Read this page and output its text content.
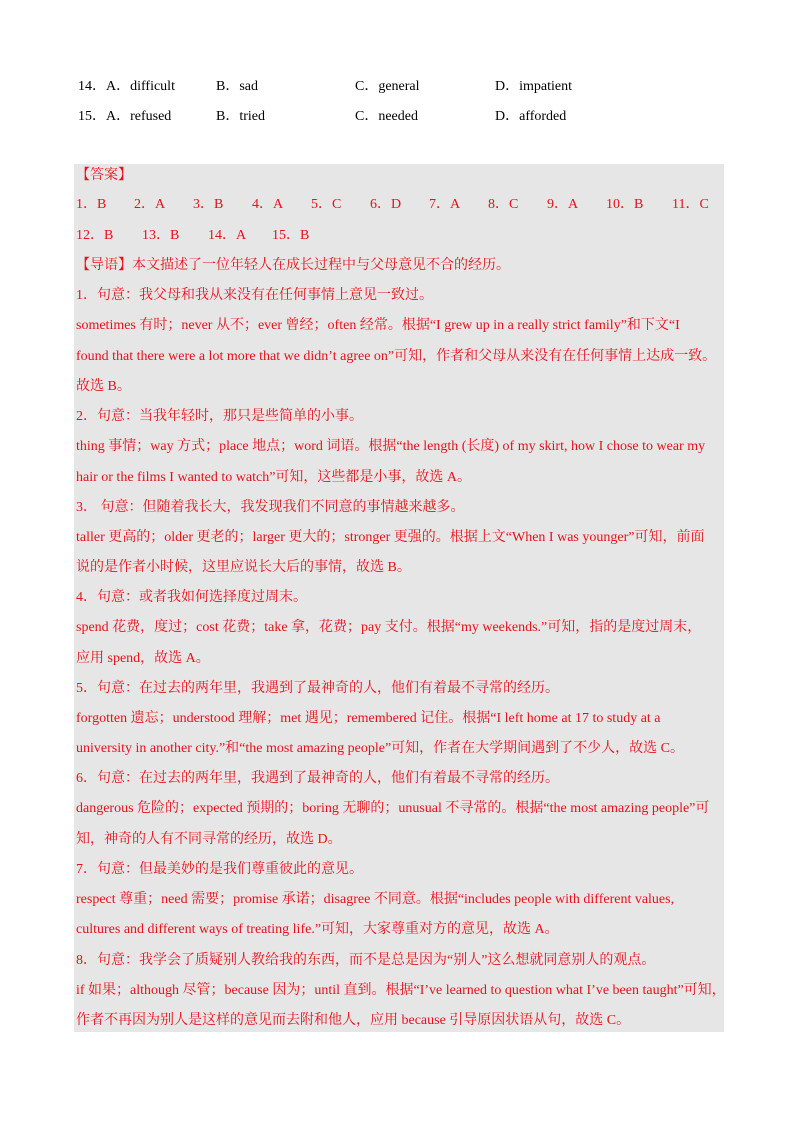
14．A．difficult	B．sad	C．general	D．impatient
15．A．refused	B．tried	C．needed	D．afforded
【答案】
1．B 2．A 3．B 4．A 5．C 6．D 7．A 8．C 9．A 10．B 11．C
12．B 13．B 14．A 15．B
【导语】本文描述了一位年轻人在成长过程中与父母意见不合的经历。
1．句意：我父母和我从来没有在任何事情上意见一致过。
sometimes 有时；never 从不；ever 曾经；often 经常。根据“I grew up in a really strict family”和下文“I
found that there were a lot more that we didn’t agree on”可知，作者和父母从来没有在任何事情上达成一致。
故选 B。
2．句意：当我年轻时，那只是些简单的小事。
thing 事情；way 方式；place 地点；word 词语。根据“the length (长度) of my skirt, how I chose to wear my
hair or the films I wanted to watch”可知，这些都是小事，故选 A。
3． 句意：但随着我长大，我发现我们不同意的事情越来越多。
taller 更高的；older 更老的；larger 更大的；stronger 更强的。根据上文“When I was younger”可知，前面
说的是作者小时候，这里应说长大后的事情，故选 B。
4．句意：或者我如何选择度过周末。
spend 花费，度过；cost 花费；take 拿，花费；pay 支付。根据“my weekends.”可知，指的是度过周末，
应用 spend，故选 A。
5．句意：在过去的两年里，我遇到了最神奇的人，他们有着最不寻常的经历。
forgotten 遗忘；understood 理解；met 遇见；remembered 记住。根据“I left home at 17 to study at a
university in another city.”和“the most amazing people”可知，作者在大学期间遇到了不少人，故选 C。
6．句意：在过去的两年里，我遇到了最神奇的人，他们有着最不寻常的经历。
dangerous 危险的；expected 预期的；boring 无聊的；unusual 不寻常的。根据“the most amazing people”可
知，神奇的人有不同寻常的经历，故选 D。
7．句意：但最美妙的是我们尊重彼此的意见。
respect 尊重；need 需要；promise 承诺；disagree 不同意。根据“includes people with different values,
cultures and different ways of treating life.”可知，大家尊重对方的意见，故选 A。
8．句意：我学会了质疑别人教给我的东西，而不是总是因为“别人”这么想就同意别人的观点。
if 如果；although 尽管；because 因为；until 直到。根据“I’ve learned to question what I’ve been taught”可知，
作者不再因为别人是这样的意见而去附和他人，应用 because 引导原因状语从句，故选 C。
